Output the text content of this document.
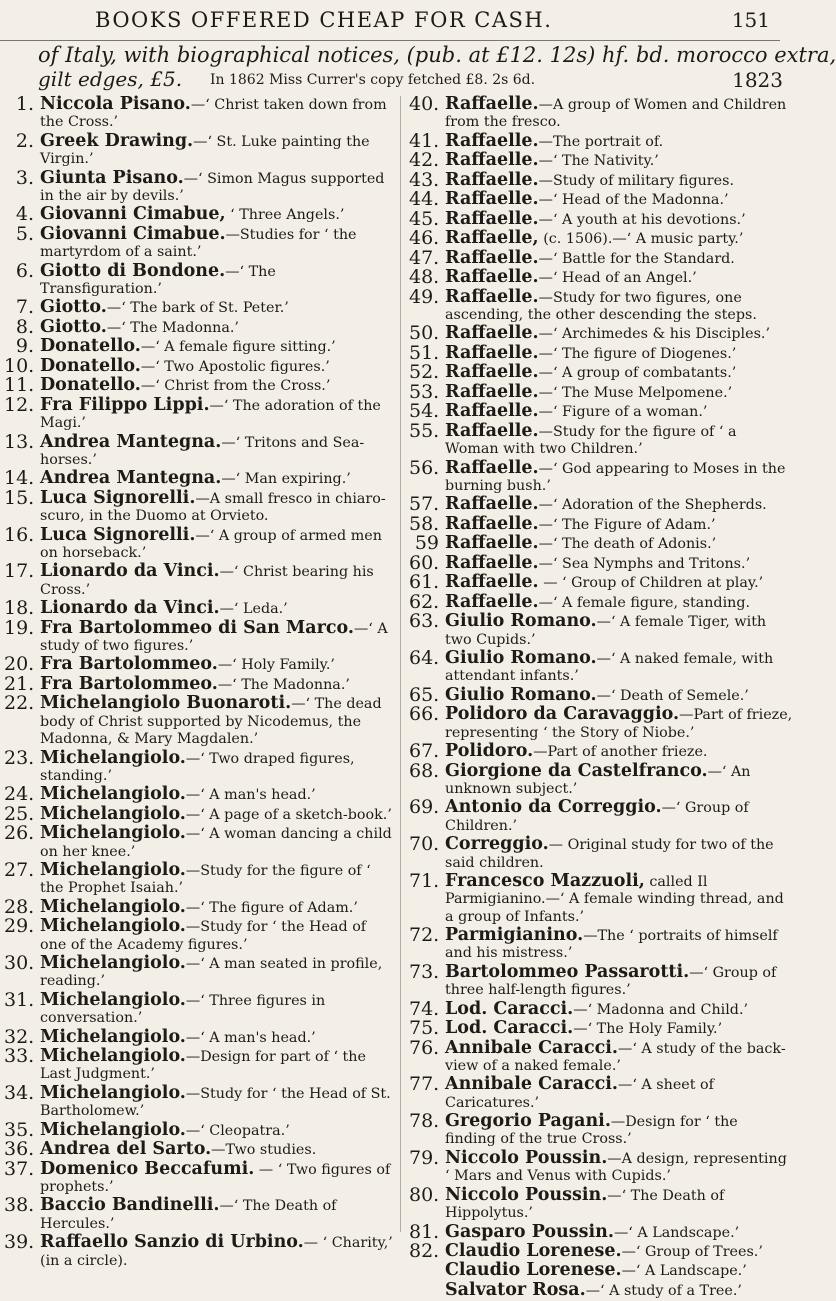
BOOKS OFFERED CHEAP FOR CASH.	151
of Italy, with biographical notices, (pub. at £12. 12s) hf. bd. morocco extra,
gilt edges, £5. In 1862 Miss Currer's copy fetched £8. 2s 6d.	1823
1. Niccola Pisano.—‘ Christ taken down from the Cross.’
2. Greek Drawing.—‘ St. Luke painting the Virgin.’
3. Giunta Pisano.—‘ Simon Magus supported in the air by devils.’
4. Giovanni Cimabue, ‘ Three Angels.’
5. Giovanni Cimabue.—Studies for ‘ the martyrdom of a saint.’
6. Giotto di Bondone.—‘ The Transfiguration.’
7. Giotto.—‘ The bark of St. Peter.’
8. Giotto.—‘ The Madonna.’
9. Donatello.—‘ A female figure sitting.’
10. Donatello.—‘ Two Apostolic figures.’
11. Donatello.—‘ Christ from the Cross.’
12. Fra Filippo Lippi.—‘ The adoration of the Magi.’
13. Andrea Mantegna.—‘ Tritons and Sea-horses.’
14. Andrea Mantegna.—‘ Man expiring.’
15. Luca Signorelli.—A small fresco in chiaro-scuro, in the Duomo at Orvieto.
16. Luca Signorelli.—‘ A group of armed men on horseback.’
17. Lionardo da Vinci.—‘ Christ bearing his Cross.’
18. Lionardo da Vinci.—‘ Leda.’
19. Fra Bartolommeo di San Marco.—‘ A study of two figures.’
20. Fra Bartolommeo.—‘ Holy Family.’
21. Fra Bartolommeo.—‘ The Madonna.’
22. Michelangiolo Buonaroti.—‘ The dead body of Christ supported by Nicodemus, the Madonna, & Mary Magdalen.’
23. Michelangiolo.—‘ Two draped figures, standing.’
24. Michelangiolo.—‘ A man's head.’
25. Michelangiolo.—‘ A page of a sketch-book.’
26. Michelangiolo.—‘ A woman dancing a child on her knee.’
27. Michelangiolo.—Study for the figure of ‘ the Prophet Isaiah.’
28. Michelangiolo.—‘ The figure of Adam.’
29. Michelangiolo.—Study for ‘ the Head of one of the Academy figures.’
30. Michelangiolo.—‘ A man seated in profile, reading.’
31. Michelangiolo.—‘ Three figures in conversation.’
32. Michelangiolo.—‘ A man's head.’
33. Michelangiolo.—Design for part of ‘ the Last Judgment.’
34. Michelangiolo.—Study for ‘ the Head of St. Bartholomew.’
35. Michelangiolo.—‘ Cleopatra.’
36. Andrea del Sarto.—Two studies.
37. Domenico Beccafumi. — ‘ Two figures of prophets.’
38. Baccio Bandinelli.—‘ The Death of Hercules.’
39. Raffaello Sanzio di Urbino.— ‘ Charity,’ (in a circle).
40. Raffaelle.—A group of Women and Children from the fresco.
41. Raffaelle.—The portrait of.
42. Raffaelle.—‘ The Nativity.’
43. Raffaelle.—Study of military figures.
44. Raffaelle.—‘ Head of the Madonna.’
45. Raffaelle.—‘ A youth at his devotions.’
46. Raffaelle, (c. 1506).—‘ A music party.’
47. Raffaelle.—‘ Battle for the Standard.
48. Raffaelle.—‘ Head of an Angel.’
49. Raffaelle.—Study for two figures, one ascending, the other descending the steps.
50. Raffaelle.—‘ Archimedes & his Disciples.’
51. Raffaelle.—‘ The figure of Diogenes.’
52. Raffaelle.—‘ A group of combatants.’
53. Raffaelle.—‘ The Muse Melpomene.’
54. Raffaelle.—‘ Figure of a woman.’
55. Raffaelle.—Study for the figure of ‘ a Woman with two Children.’
56. Raffaelle.—‘ God appearing to Moses in the burning bush.’
57. Raffaelle.—‘ Adoration of the Shepherds.
58. Raffaelle.—‘ The Figure of Adam.’
59 Raffaelle.—‘ The death of Adonis.’
60. Raffaelle.—‘ Sea Nymphs and Tritons.’
61. Raffaelle. — ‘ Group of Children at play.’
62. Raffaelle.—‘ A female figure, standing.
63. Giulio Romano.—‘ A female Tiger, with two Cupids.’
64. Giulio Romano.—‘ A naked female, with attendant infants.’
65. Giulio Romano.—‘ Death of Semele.’
66. Polidoro da Caravaggio.—Part of frieze, representing ‘ the Story of Niobe.’
67. Polidoro.—Part of another frieze.
68. Giorgione da Castelfranco.—‘ An unknown subject.’
69. Antonio da Correggio.—‘ Group of Children.’
70. Correggio.— Original study for two of the said children.
71. Francesco Mazzuoli, called Il Parmigianino.—‘ A female winding thread, and a group of Infants.’
72. Parmigianino.—The ‘ portraits of himself and his mistress.’
73. Bartolommeo Passarotti.—‘ Group of three half-length figures.’
74. Lod. Caracci.—‘ Madonna and Child.’
75. Lod. Caracci.—‘ The Holy Family.’
76. Annibale Caracci.—‘ A study of the back-view of a naked female.’
77. Annibale Caracci.—‘ A sheet of Caricatures.’
78. Gregorio Pagani.—Design for ‘ the finding of the true Cross.’
79. Niccolo Poussin.—A design, representing ‘ Mars and Venus with Cupids.’
80. Niccolo Poussin.—‘ The Death of Hippolytus.’
81. Gasparo Poussin.—‘ A Landscape.’
82. Claudio Lorenese.—‘ Group of Trees.’
Claudio Lorenese.—‘ A Landscape.’
Salvator Rosa.—‘ A study of a Tree.’
